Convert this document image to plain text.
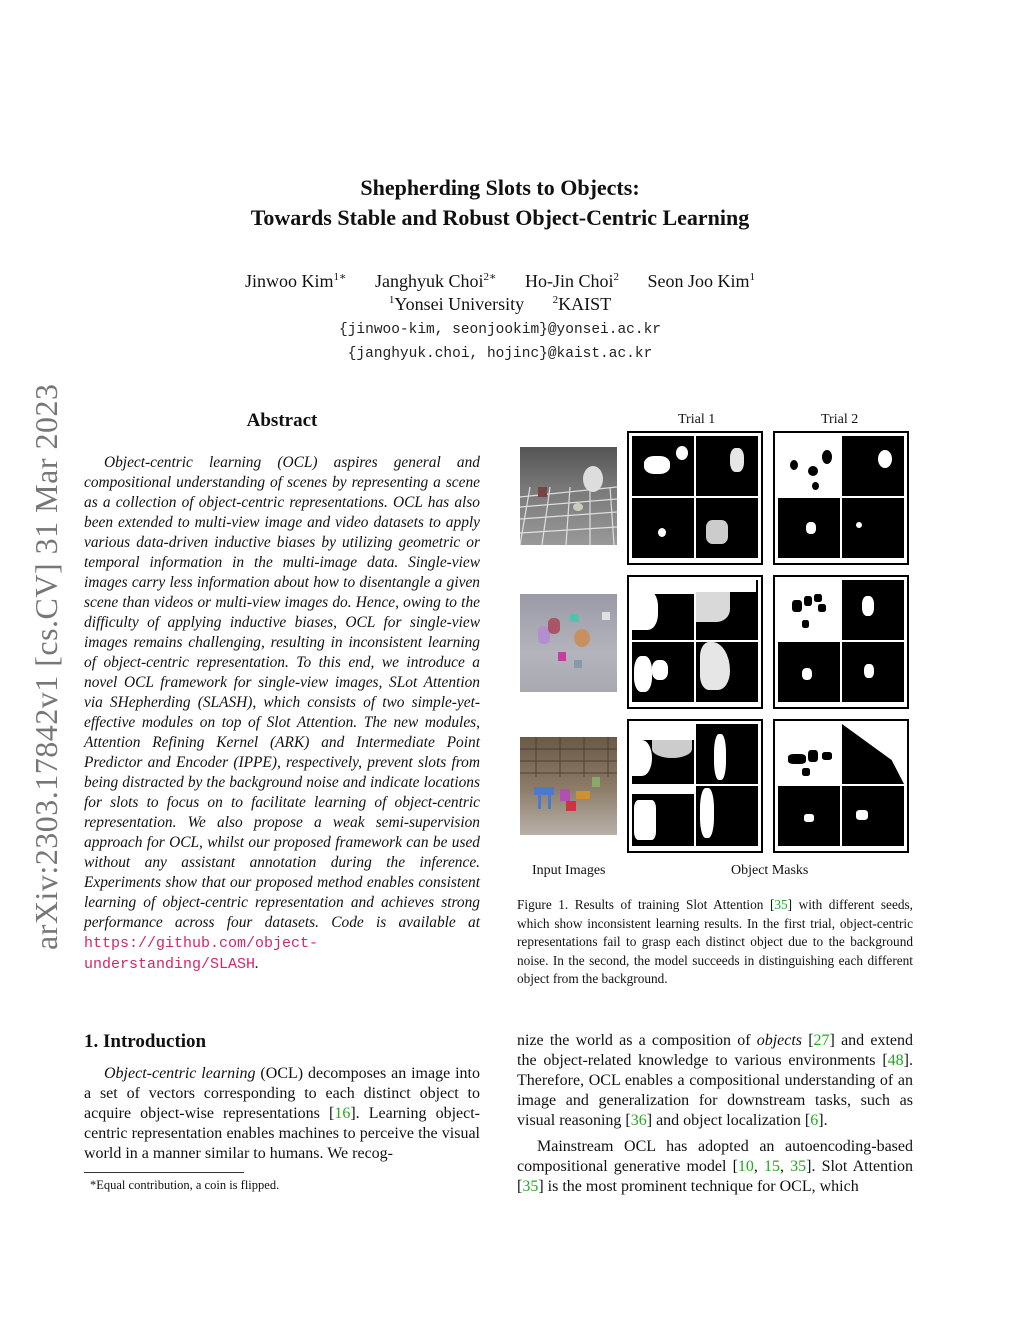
arXiv:2303.17842v1 [cs.CV] 31 Mar 2023
Shepherding Slots to Objects:
Towards Stable and Robust Object-Centric Learning
Jinwoo Kim$^{1∗}$ Janghyuk Choi$^{2∗}$ Ho-Jin Choi$^2$ Seon Joo Kim$^1$
$^1$Yonsei University	$^2$KAIST
{jinwoo-kim, seonjookim}@yonsei.ac.kr
{janghyuk.choi, hojinc}@kaist.ac.kr
Abstract

Object-centric learning (OCL) aspires general and compositional understanding of scenes by representing a scene as a collection of object-centric representations. OCL has also been extended to multi-view image and video datasets to apply various data-driven inductive biases by utilizing geometric or temporal information in the multi-image data. Single-view images carry less information about how to disentangle a given scene than videos or multi-view images do. Hence, owing to the difficulty of applying inductive biases, OCL for single-view images remains challenging, resulting in inconsistent learning of object-centric representation. To this end, we introduce a novel OCL framework for single-view images, SLot Attention via SHepherding (SLASH), which consists of two simple-yet-effective modules on top of Slot Attention. The new modules, Attention Refining Kernel (ARK) and Intermediate Point Predictor and Encoder (IPPE), respectively, prevent slots from being distracted by the background noise and indicate locations for slots to focus on to facilitate learning of object-centric representation. We also propose a weak semi-supervision approach for OCL, whilst our proposed framework can be used without any assistant annotation during the inference. Experiments show that our proposed method enables consistent learning of object-centric representation and achieves strong performance across four datasets. Code is available at https://github.com/object- understanding/SLASH.

Trial 1	Trial 2
Input Images	Object Masks
Figure 1. Results of training Slot Attention [35] with different seeds, which show inconsistent learning results. In the first trial, object-centric representations fail to grasp each distinct object due to the background noise. In the second, the model succeeds in distinguishing each different object from the background.
1. Introduction

Object-centric learning (OCL) decomposes an image into a set of vectors corresponding to each distinct object to acquire object-wise representations [16]. Learning object-centric representation enables machines to perceive the visual world in a manner similar to humans. We recog-

*Equal contribution, a coin is flipped.

nize the world as a composition of objects [27] and extend the object-related knowledge to various environments [48]. Therefore, OCL enables a compositional understanding of an image and generalization for downstream tasks, such as visual reasoning [36] and object localization [6].

Mainstream OCL has adopted an autoencoding-based compositional generative model [10, 15, 35]. Slot Attention [35] is the most prominent technique for OCL, which
